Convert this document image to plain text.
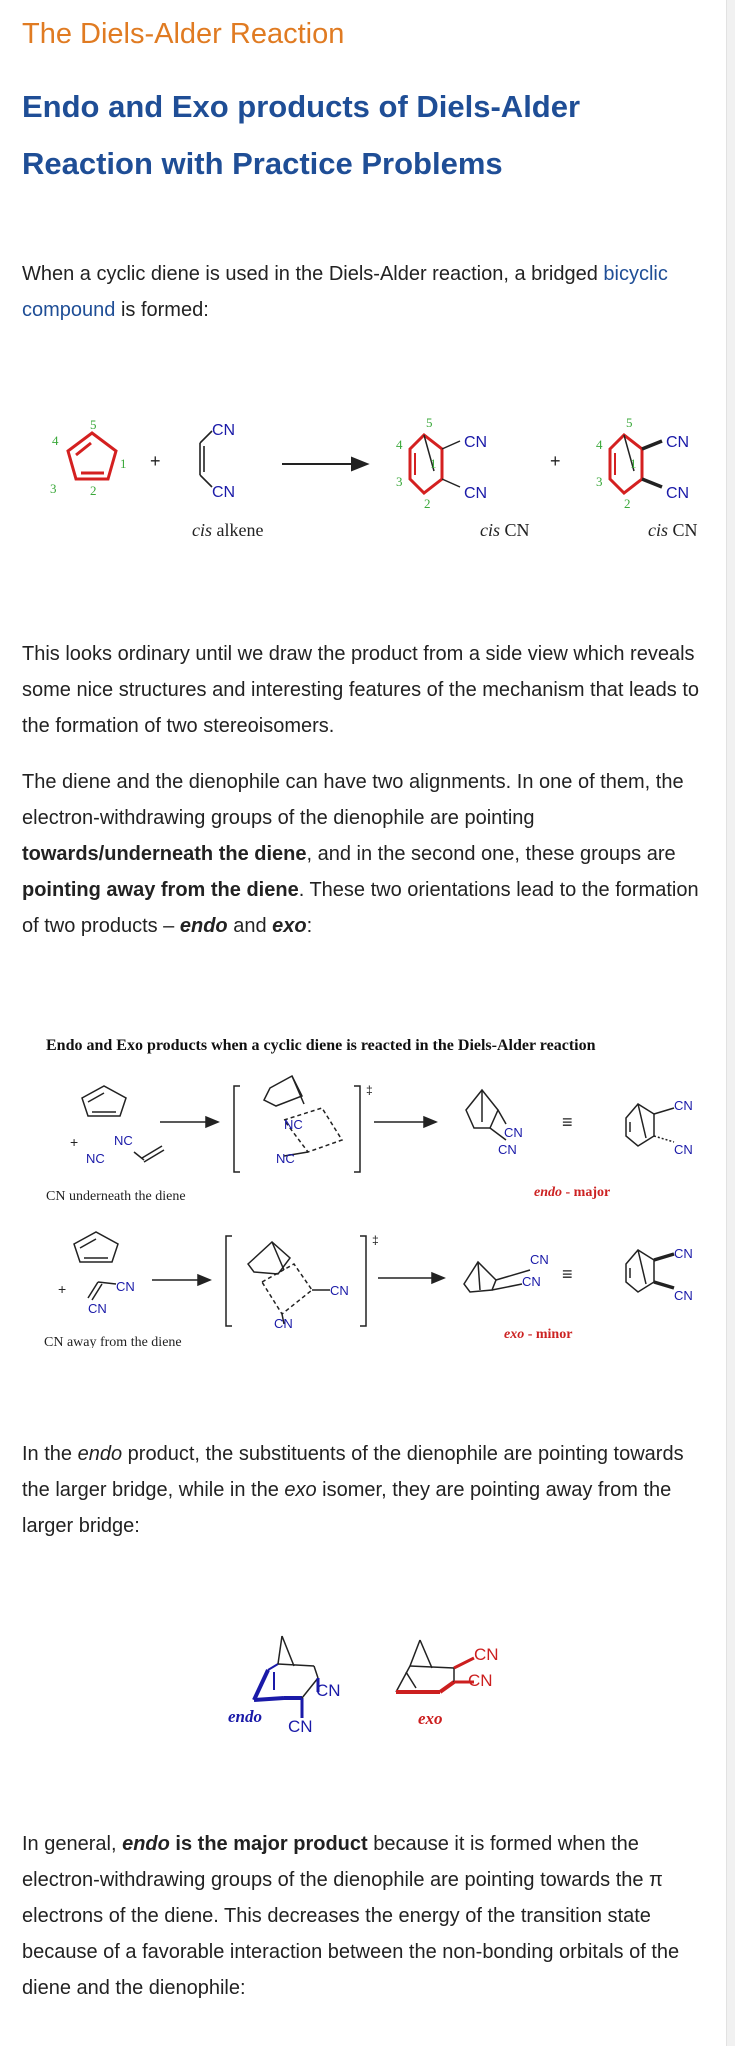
The Diels-Alder Reaction
Endo and Exo products of Diels-Alder Reaction with Practice Problems

When a cyclic diene is used in the Diels-Alder reaction, a bridged bicyclic compound is formed:

5
4
1
3	2
+
CN
CN
cis alkene
5
4
1
3
2
CN
CN
cis CN
+
5
4
1
3
2
CN
CN
cis CN

This looks ordinary until we draw the product from a side view which reveals some nice structures and interesting features of the mechanism that leads to the formation of two stereoisomers.

The diene and the dienophile can have two alignments. In one of them, the electron-withdrawing groups of the dienophile are pointing towards/underneath the diene, and in the second one, these groups are pointing away from the diene. These two orientations lead to the formation of two products – endo and exo:

Endo and Exo products when a cyclic diene is reacted in the Diels-Alder reaction
+	NC
NC
‡
NC
NC
CN
CN
≡
CN
CN
CN underneath the diene	endo - major
+	CN
CN
‡
CN
CN
CN
CN ≡
CN
CN
CN away from the diene
exo - minor

In the endo product, the substituents of the dienophile are pointing towards the larger bridge, while in the exo isomer, they are pointing away from the larger bridge:

CN
CN
endo
CN
CN
exo

In general, endo is the major product because it is formed when the electron-withdrawing groups of the dienophile are pointing towards the π electrons of the diene. This decreases the energy of the transition state because of a favorable interaction between the non-bonding orbitals of the diene and the dienophile:
